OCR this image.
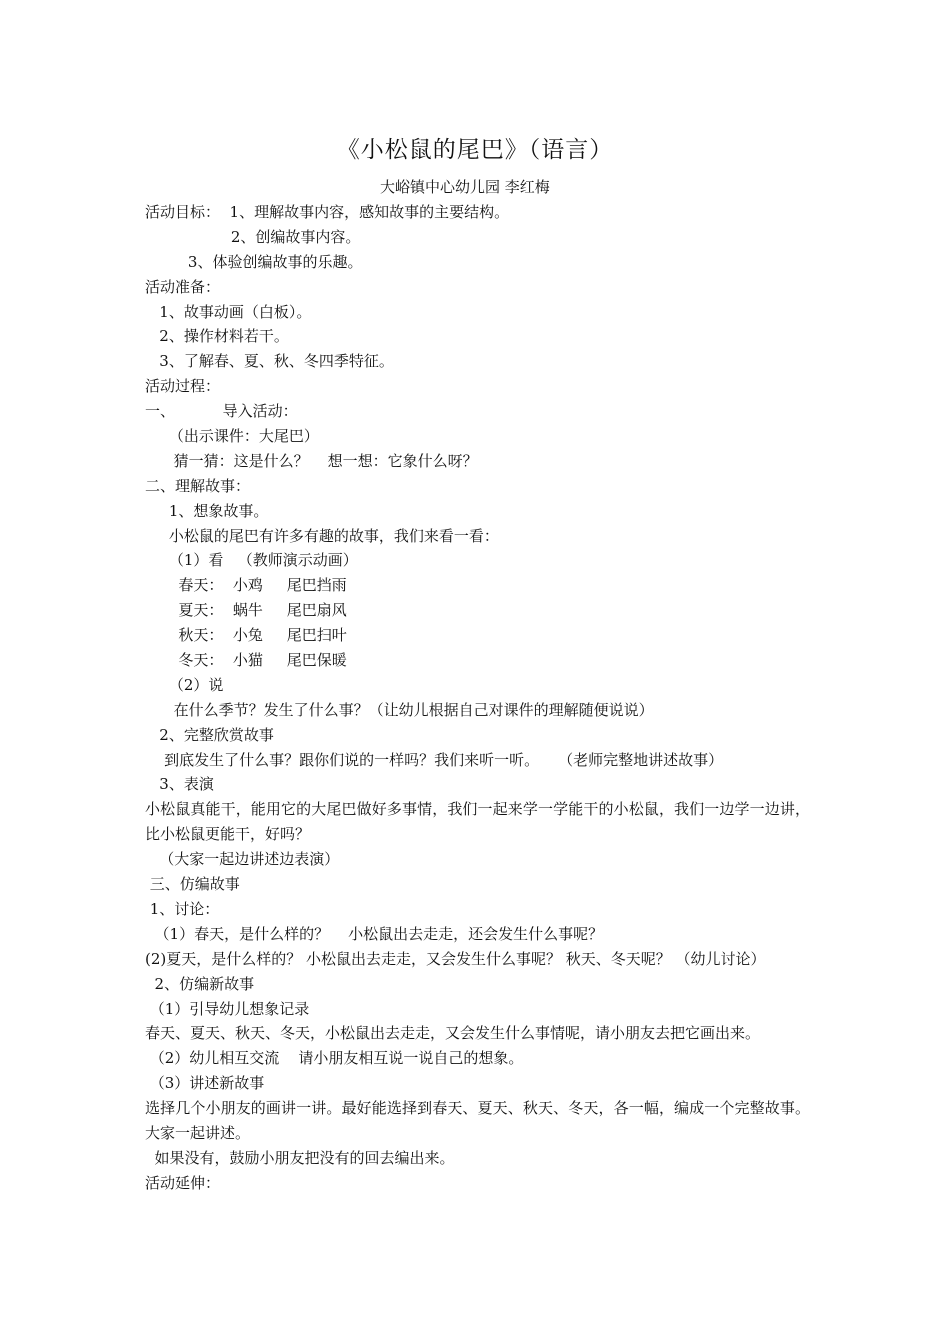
《小松鼠的尾巴》（语言）
大峪镇中心幼儿园 李红梅
活动目标：  1、理解故事内容，感知故事的主要结构。
2、创编故事内容。
3、体验创编故事的乐趣。
活动准备：
1、故事动画（白板）。
2、操作材料若干。
3、了解春、夏、秋、冬四季特征。
活动过程：
一、          导入活动：
（出示课件：大尾巴）
猜一猜：这是什么？    想一想：它象什么呀？
二、理解故事：
1、想象故事。
小松鼠的尾巴有许多有趣的故事，我们来看一看：
（1）看   （教师演示动画）
春天：  小鸡     尾巴挡雨
夏天：  蜗牛     尾巴扇风
秋天：  小兔     尾巴扫叶
冬天：  小猫     尾巴保暖
（2）说
在什么季节？发生了什么事？（让幼儿根据自己对课件的理解随便说说）
2、完整欣赏故事
到底发生了什么事？跟你们说的一样吗？我们来听一听。    （老师完整地讲述故事）
3、表演
小松鼠真能干，能用它的大尾巴做好多事情，我们一起来学一学能干的小松鼠，我们一边学一边讲，比小松鼠更能干，好吗？
（大家一起边讲述边表演）
三、仿编故事
1、讨论：
（1）春天，是什么样的？    小松鼠出去走走，还会发生什么事呢？
(2)夏天，是什么样的？ 小松鼠出去走走，又会发生什么事呢？ 秋天、冬天呢？ （幼儿讨论）
2、仿编新故事
（1）引导幼儿想象记录
春天、夏天、秋天、冬天，小松鼠出去走走，又会发生什么事情呢，请小朋友去把它画出来。
（2）幼儿相互交流    请小朋友相互说一说自己的想象。
（3）讲述新故事
选择几个小朋友的画讲一讲。最好能选择到春天、夏天、秋天、冬天，各一幅，编成一个完整故事。大家一起讲述。
如果没有，鼓励小朋友把没有的回去编出来。
活动延伸：
